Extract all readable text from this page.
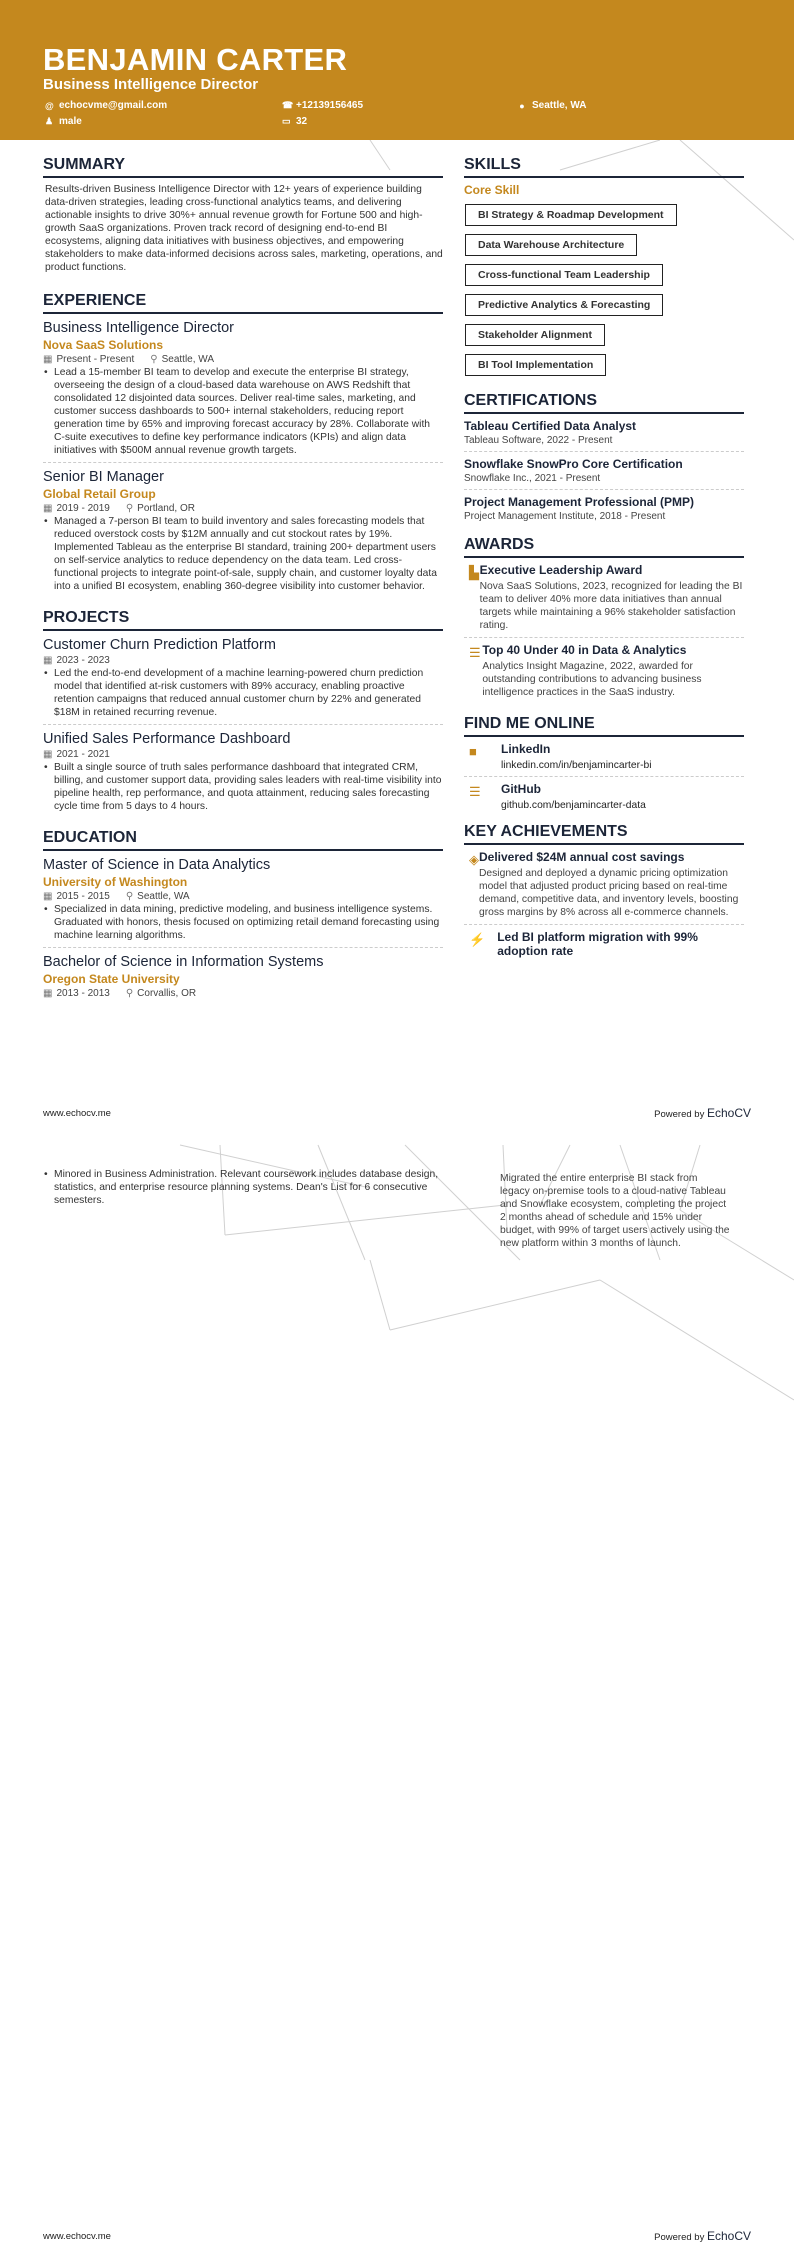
BENJAMIN CARTER
Business Intelligence Director
@ echocvme@gmail.com	☎ +12139156465	● Seattle, WA
♟ male	▭ 32
SUMMARY
Results-driven Business Intelligence Director with 12+ years of experience building data-driven strategies, leading cross-functional analytics teams, and delivering actionable insights to drive 30%+ annual revenue growth for Fortune 500 and high-growth SaaS organizations. Proven track record of designing end-to-end BI ecosystems, aligning data initiatives with business objectives, and empowering stakeholders to make data-informed decisions across sales, marketing, operations, and product functions.
EXPERIENCE
Business Intelligence Director
Nova SaaS Solutions
▦ Present - Present ⚲ Seattle, WA
• Lead a 15-member BI team to develop and execute the enterprise BI strategy, overseeing the design of a cloud-based data warehouse on AWS Redshift that consolidated 12 disjointed data sources. Deliver real-time sales, marketing, and customer success dashboards to 500+ internal stakeholders, reducing report generation time by 65% and improving forecast accuracy by 28%. Collaborate with C-suite executives to define key performance indicators (KPIs) and align data initiatives with $500M annual revenue growth targets.
Senior BI Manager
Global Retail Group
▦ 2019 - 2019 ⚲ Portland, OR
• Managed a 7-person BI team to build inventory and sales forecasting models that reduced overstock costs by $12M annually and cut stockout rates by 19%. Implemented Tableau as the enterprise BI standard, training 200+ department users on self-service analytics to reduce dependency on the data team. Led cross-functional projects to integrate point-of-sale, supply chain, and customer loyalty data into a unified BI ecosystem, enabling 360-degree visibility into customer behavior.
PROJECTS
Customer Churn Prediction Platform
▦ 2023 - 2023
• Led the end-to-end development of a machine learning-powered churn prediction model that identified at-risk customers with 89% accuracy, enabling proactive retention campaigns that reduced annual customer churn by 22% and generated $18M in retained recurring revenue.
Unified Sales Performance Dashboard
▦ 2021 - 2021
• Built a single source of truth sales performance dashboard that integrated CRM, billing, and customer support data, providing sales leaders with real-time visibility into pipeline health, rep performance, and quota attainment, reducing sales forecasting cycle time from 5 days to 4 hours.
EDUCATION
Master of Science in Data Analytics
University of Washington
▦ 2015 - 2015 ⚲ Seattle, WA
• Specialized in data mining, predictive modeling, and business intelligence systems. Graduated with honors, thesis focused on optimizing retail demand forecasting using machine learning algorithms.
Bachelor of Science in Information Systems
Oregon State University
▦ 2013 - 2013 ⚲ Corvallis, OR
SKILLS
Core Skill
BI Strategy & Roadmap Development
Data Warehouse Architecture
Cross-functional Team Leadership
Predictive Analytics & Forecasting
Stakeholder Alignment
BI Tool Implementation
CERTIFICATIONS
Tableau Certified Data Analyst
Tableau Software, 2022 - Present
Snowflake SnowPro Core Certification
Snowflake Inc., 2021 - Present
Project Management Professional (PMP)
Project Management Institute, 2018 - Present
AWARDS
▙ Executive Leadership Award
Nova SaaS Solutions, 2023, recognized for leading the BI team to deliver 40% more data initiatives than annual targets while maintaining a 96% stakeholder satisfaction rating.
☰ Top 40 Under 40 in Data & Analytics
Analytics Insight Magazine, 2022, awarded for outstanding contributions to advancing business intelligence practices in the SaaS industry.
FIND ME ONLINE
■	LinkedIn
linkedin.com/in/benjamincarter-bi
☰	GitHub
github.com/benjamincarter-data
KEY ACHIEVEMENTS
◈ Delivered $24M annual cost savings
Designed and deployed a dynamic pricing optimization model that adjusted product pricing based on real-time demand, competitive data, and inventory levels, boosting gross margins by 8% across all e-commerce channels.
⚡	Led BI platform migration with 99% adoption rate
www.echocv.me	Powered by EchoCV
• Minored in Business Administration. Relevant coursework includes database design, statistics, and enterprise resource planning systems. Dean's List for 6 consecutive semesters.
Migrated the entire enterprise BI stack from legacy on-premise tools to a cloud-native Tableau and Snowflake ecosystem, completing the project 2 months ahead of schedule and 15% under budget, with 99% of target users actively using the new platform within 3 months of launch.
www.echocv.me	Powered by EchoCV
